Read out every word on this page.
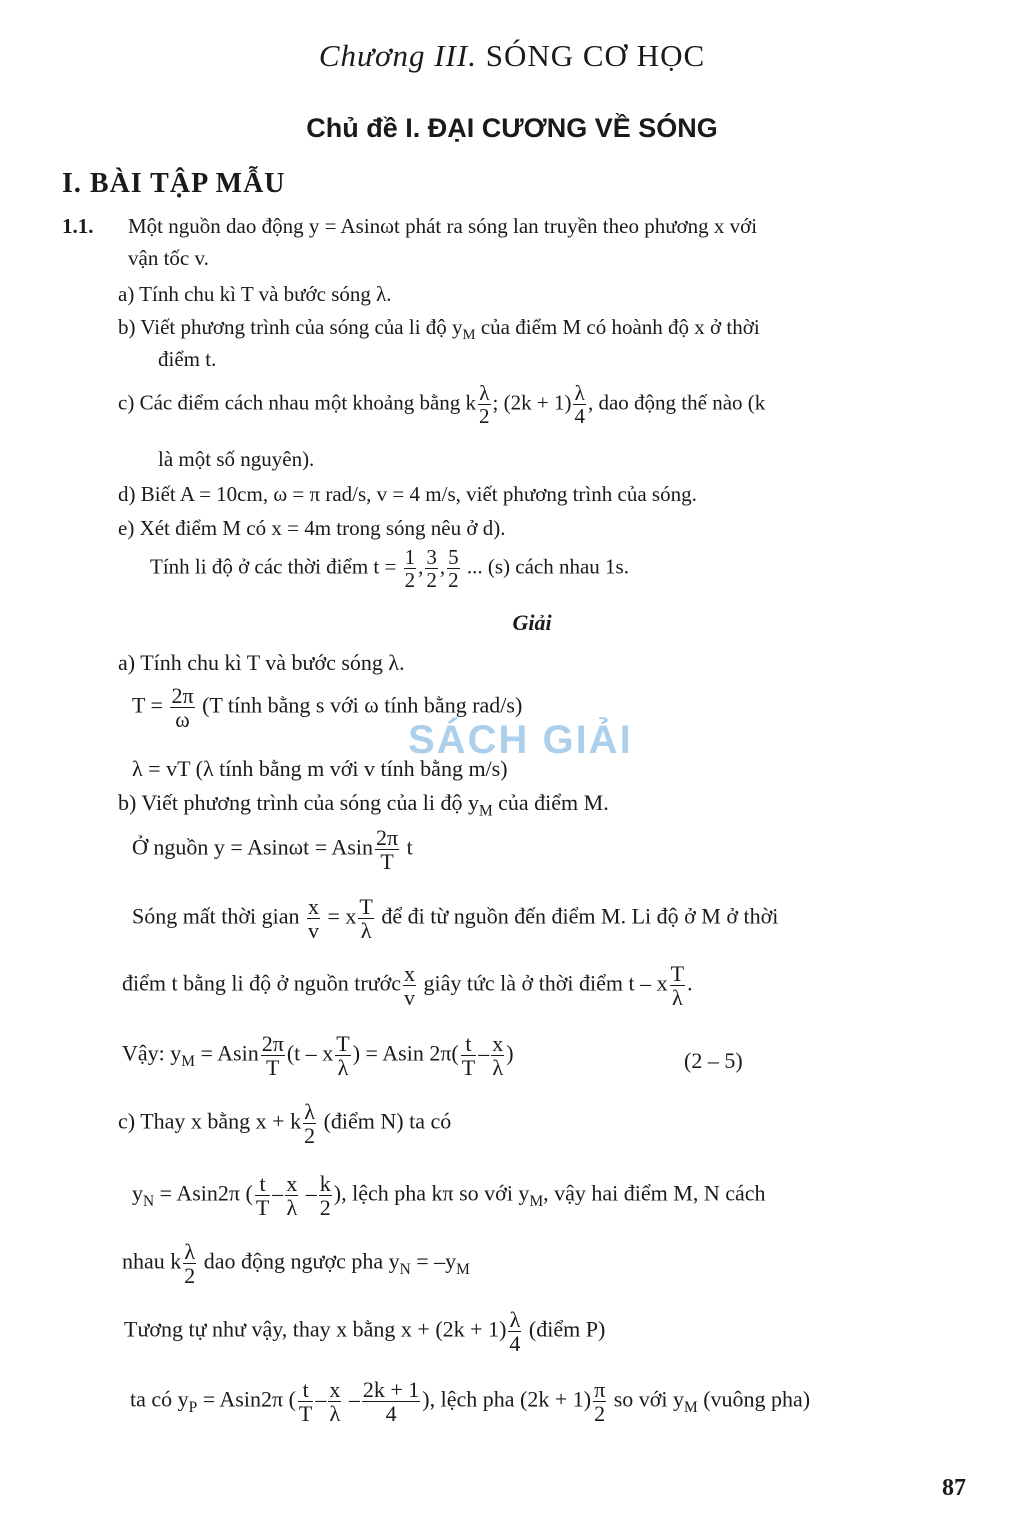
Chương III. SÓNG CƠ HỌC
Chủ đề I. ĐẠI CƯƠNG VỀ SÓNG
I. BÀI TẬP MẪU
1.1. Một nguồn dao động y = Asinωt phát ra sóng lan truyền theo phương x với
vận tốc v.
a) Tính chu kì T và bước sóng λ.
b) Viết phương trình của sóng của li độ $y_M$ của điểm M có hoành độ x ở thời
điểm t.
c) Các điểm cách nhau một khoảng bằng k $\frac{\lambda}{2}$ ; $(2k + 1) \frac{\lambda}{4}$ , dao động thế nào (k
là một số nguyên).
d) Biết A = 10cm, ω = π rad/s, v = 4 m/s, viết phương trình của sóng.
e) Xét điểm M có x = 4m trong sóng nêu ở d).
Tính li độ ở các thời điểm $t = \frac{1}{2}$ , $\frac{3}{2}$ , $\frac{5}{2}$ ... (s) cách nhau 1s.
Giải
a) Tính chu kì T và bước sóng λ.
$T = \frac{2\pi}{\omega} (T$ tính bằng s với ω tính bằng rad/s)
λ = vT (λ tính bằng m với v tính bằng m/s)
b) Viết phương trình của sóng của li độ $y_M$ của điểm M.
Ở nguồn y = Asinωt = Asin $\frac{2\pi}{T}$ t
Sóng mất thời gian $\frac{x}{v} = x \frac{T}{\lambda}$ để đi từ nguồn đến điểm M. Li độ ở M ở thời
điểm t bằng li độ ở nguồn trước $\frac{x}{v}$ giây tức là ở thời điểm t – x $\frac{T}{\lambda}$ .
Vậy: $y_M = Asin \frac{2\pi}{T} (t - x \frac{T}{\lambda}$ ) = Asin $2\pi( \frac{t}{T} - \frac{x}{\lambda}$ )	(2 – 5)
c) Thay x bằng x + k $\frac{\lambda}{2}$ (điểm N) ta có
$y_N = Asin2\pi$ ( $\frac{t}{T} - \frac{x}{\lambda} - \frac{k}{2}$ ), lệch pha kπ so với $y_M$, vậy hai điểm M, N cách
nhau k $\frac{\lambda}{2}$ dao động ngược pha $y_N = -y_M$
Tương tự như vậy, thay x bằng $x + (2k + 1) \frac{\lambda}{4}$ (điểm P)
ta có $y_P = Asin2\pi$ ( $\frac{t}{T} - \frac{x}{\lambda} - \frac{2k + 1}{4}$ ), lệch pha $(2k + 1) \frac{\pi}{2}$ so với $y_M$ (vuông pha)
SÁCH GIẢI
87
